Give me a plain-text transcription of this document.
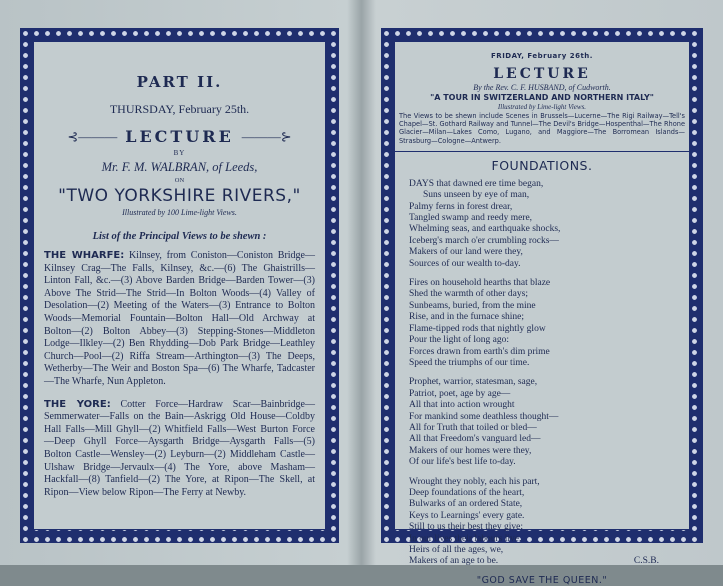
PART II.
THURSDAY, February 25th.
⊰——— LECTURE ———⊱
BY
Mr. F. M. WALBRAN, of Leeds,
ON
"TWO YORKSHIRE RIVERS,"
Illustrated by 100 Lime-light Views.
List of the Principal Views to be shewn :

THE WHARFE: Kilnsey, from Coniston—Coniston Bridge—Kilnsey Crag—The Falls, Kilnsey, &c.—(6) The Ghaistrills—Linton Fall, &c.—(3) Above Barden Bridge—Barden Tower—(3) Above The Strid—The Strid—In Bolton Woods—(4) Valley of Desolation—(2) Meeting of the Waters—(3) Entrance to Bolton Woods—Memorial Fountain—Bolton Hall—Old Archway at Bolton—(2) Bolton Abbey—(3) Stepping-Stones—Middleton Lodge—Ilkley—(2) Ben Rhydding—Dob Park Bridge—Leathley Church—Pool—(2) Riffa Stream—Arthington—(3) The Deeps, Wetherby—The Weir and Boston Spa—(6) The Wharfe, Tadcaster—The Wharfe, Nun Appleton.

THE YORE: Cotter Force—Hardraw Scar—Bainbridge—Semmerwater—Falls on the Bain—Askrigg Old House—Coldby Hall Falls—Mill Ghyll—(2) Whitfield Falls—West Burton Force—Deep Ghyll Force—Aysgarth Bridge—Aysgarth Falls—(5) Bolton Castle—Wensley—(2) Leyburn—(2) Middleham Castle—Ulshaw Bridge—Jervaulx—(4) The Yore, above Masham—Hackfall—(8) Tanfield—(2) The Yore, at Ripon—The Skell, at Ripon—View below Ripon—The Ferry at Newby.

FRIDAY, February 26th.
LECTURE
By the Rev. C. F. HUSBAND, of Cudworth.
"A TOUR IN SWITZERLAND AND NORTHERN ITALY"
Illustrated by Lime-light Views.
The Views to be shewn include Scenes in Brussels—Lucerne—The Rigi Railway—Tell's Chapel—St. Gothard Railway and Tunnel—The Devil's Bridge—Hospenthal—The Rhone Glacier—Milan—Lakes Como, Lugano, and Maggiore—The Borromean Islands—Strasburg—Cologne—Antwerp.
FOUNDATIONS.
DAYS that dawned ere time began,
Suns unseen by eye of man,
Palmy ferns in forest drear,
Tangled swamp and reedy mere,
Whelming seas, and earthquake shocks,
Iceberg's march o'er crumbling rocks—
Makers of our land were they,
Sources of our wealth to-day.
Fires on household hearths that blaze
Shed the warmth of other days;
Sunbeams, buried, from the mine
Rise, and in the furnace shine;
Flame-tipped rods that nightly glow
Pour the light of long ago:
Forces drawn from earth's dim prime
Speed the triumphs of our time.
Prophet, warrior, statesman, sage,
Patriot, poet, age by age—
All that into action wrought
For mankind some deathless thought—
All for Truth that toiled or bled—
All that Freedom's vanguard led—
Makers of our homes were they,
Of our life's best life to-day.
Wrought they nobly, each his part,
Deep foundations of the heart,
Bulwarks of an ordered State,
Keys to Learnings' every gate.
Still to us their best they give;
In our lives their labours live.
Heirs of all the ages, we,
Makers of an age to be.	C.S.B.
"GOD SAVE THE QUEEN."
